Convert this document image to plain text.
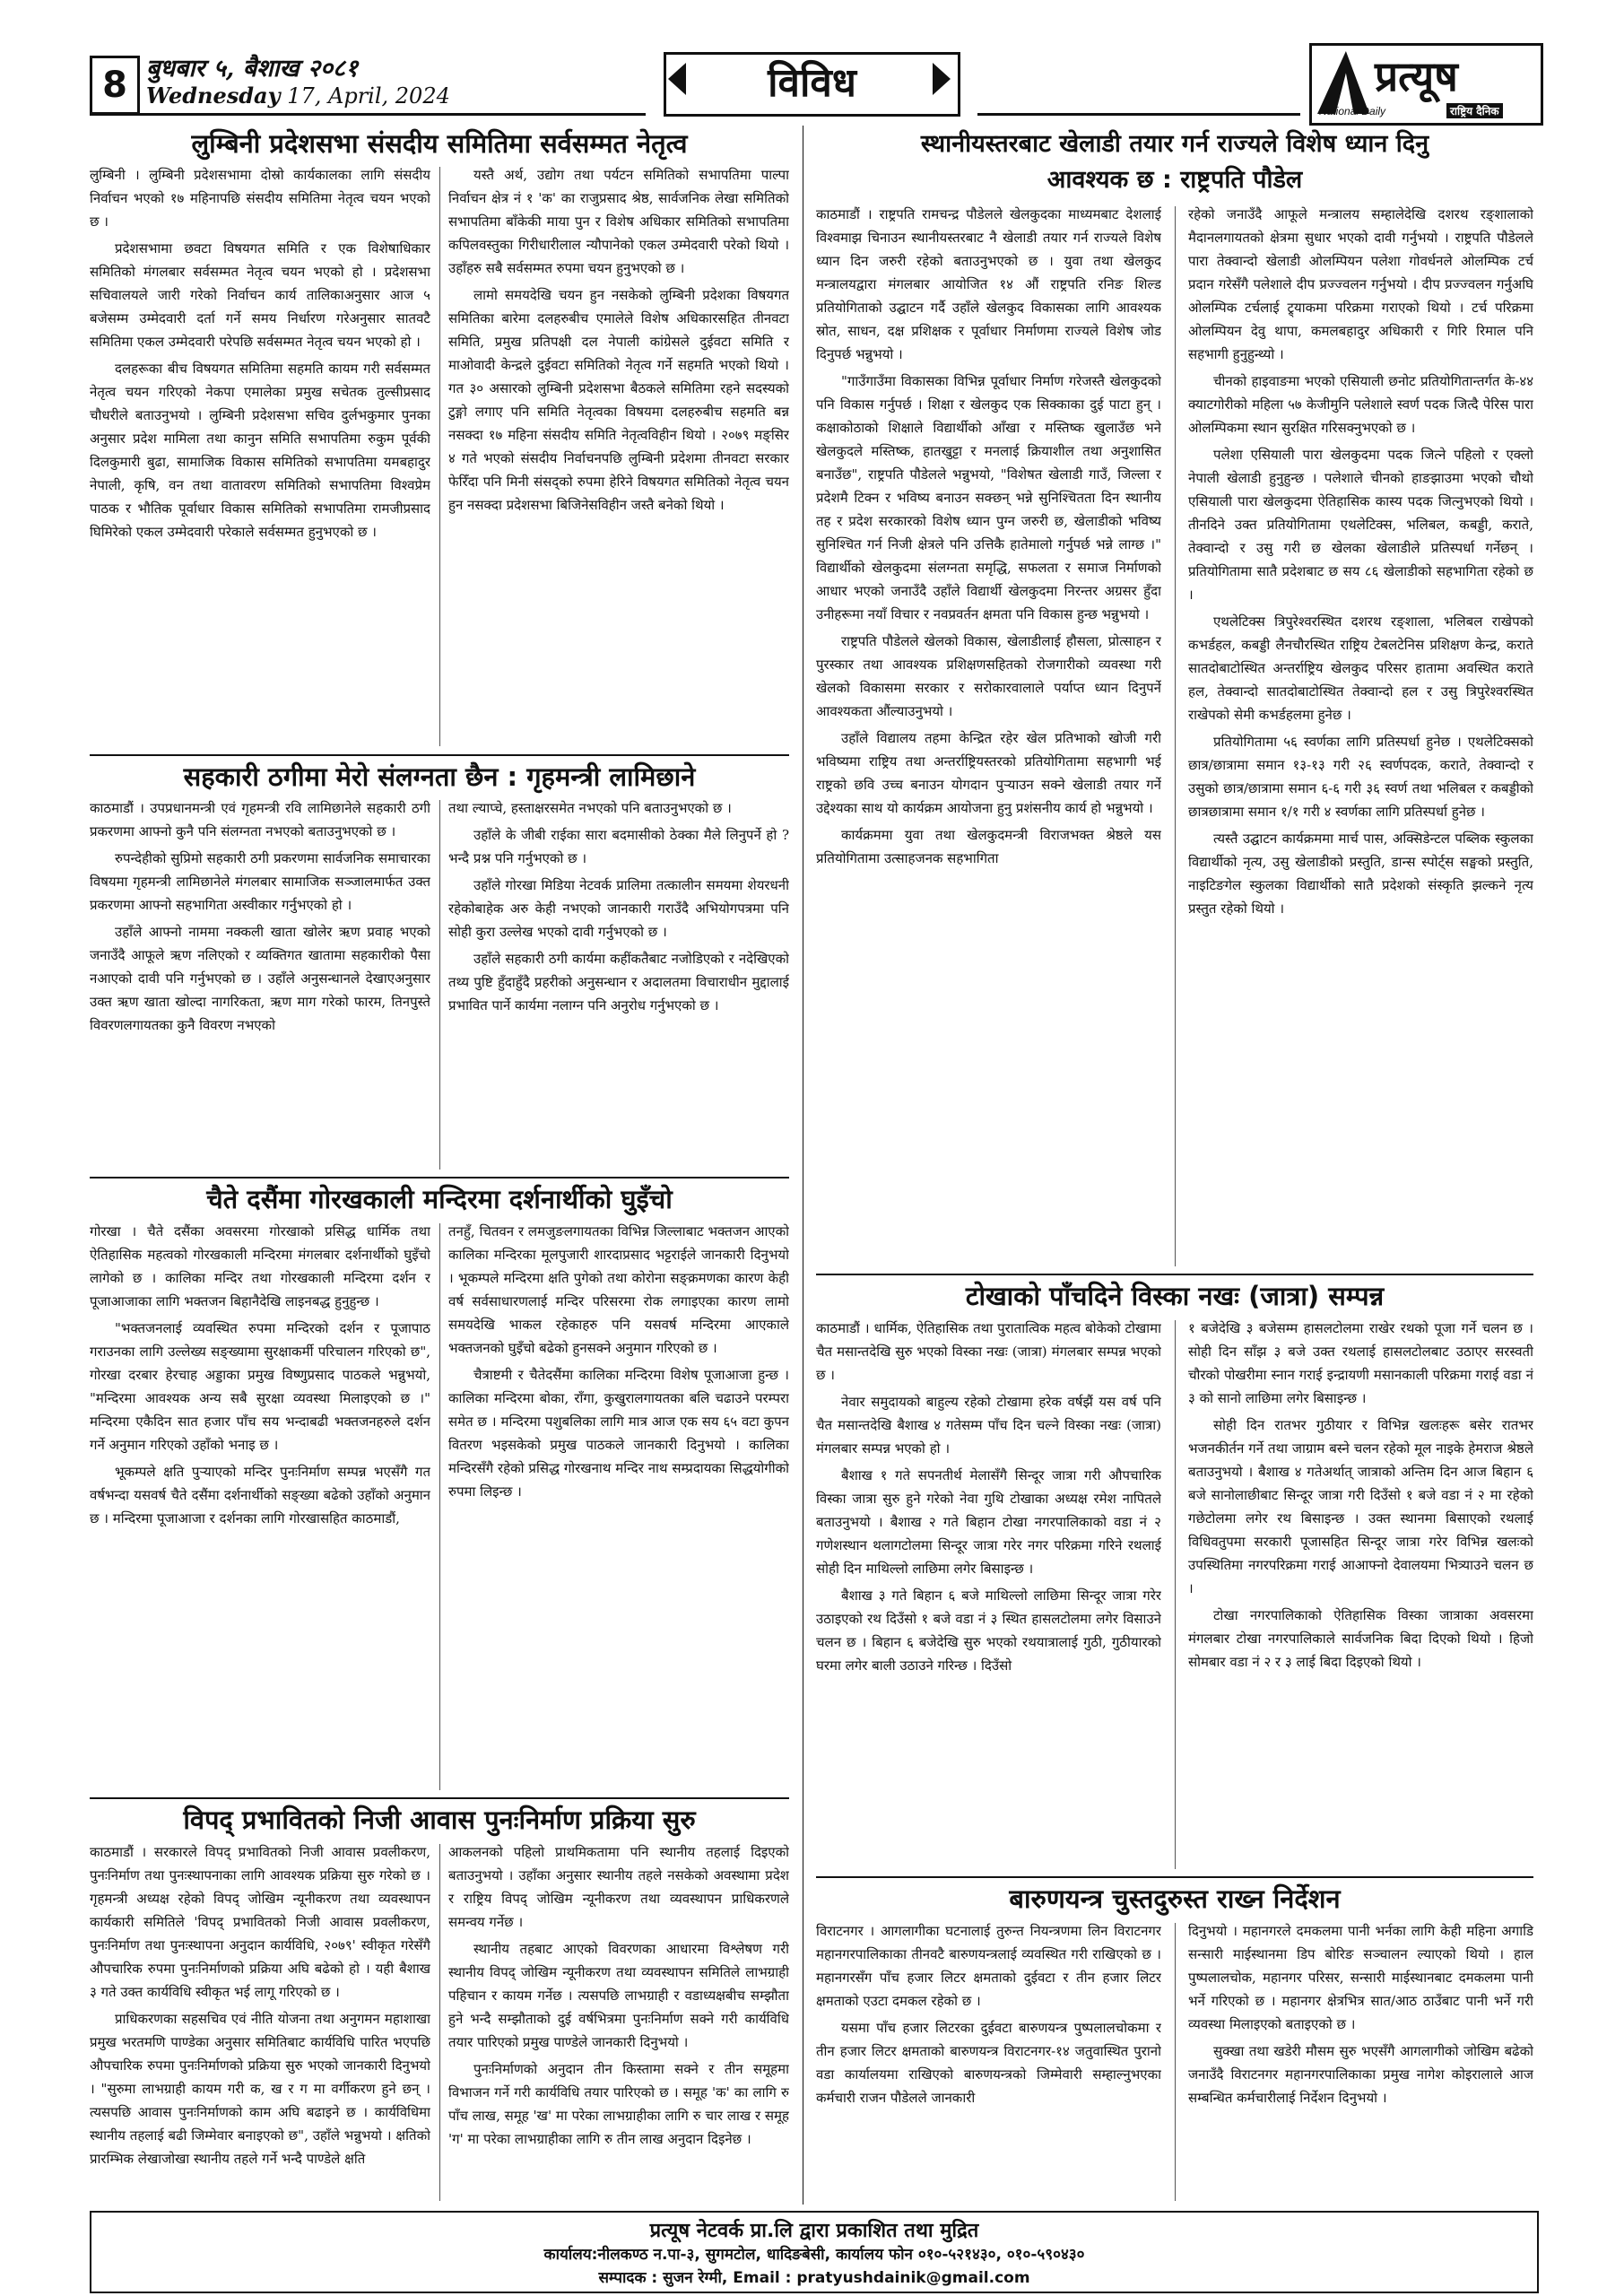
8 बुधबार ५, बैशाख २०८१
Wednesday 17, April, 2024	विविध	प्रत्यूष
National Daily	राष्ट्रिय दैनिक
लुम्बिनी प्रदेशसभा संसदीय समितिमा सर्वसम्मत नेतृत्व

लुम्बिनी । लुम्बिनी प्रदेशसभामा दोस्रो कार्यकालका लागि संसदीय निर्वाचन भएको १७ महिनापछि संसदीय समितिमा नेतृत्व चयन भएको छ ।

प्रदेशसभामा छवटा विषयगत समिति र एक विशेषाधिकार समितिको मंगलबार सर्वसम्मत नेतृत्व चयन भएको हो । प्रदेशसभा सचिवालयले जारी गरेको निर्वाचन कार्य तालिकाअनुसार आज ५ बजेसम्म उम्मेदवारी दर्ता गर्ने समय निर्धारण गरेअनुसार सातवटै समितिमा एकल उम्मेदवारी परेपछि सर्वसम्मत नेतृत्व चयन भएको हो ।

दलहरूका बीच विषयगत समितिमा सहमति कायम गरी सर्वसम्मत नेतृत्व चयन गरिएको नेकपा एमालेका प्रमुख सचेतक तुल्सीप्रसाद चौधरीले बताउनुभयो । लुम्बिनी प्रदेशसभा सचिव दुर्लभकुमार पुनका अनुसार प्रदेश मामिला तथा कानुन समिति सभापतिमा रुकुम पूर्वकी दिलकुमारी बुढा, सामाजिक विकास समितिको सभापतिमा यमबहादुर नेपाली, कृषि, वन तथा वातावरण समितिको सभापतिमा विश्वप्रेम पाठक र भौतिक पूर्वाधार विकास समितिको सभापतिमा रामजीप्रसाद घिमिरेको एकल उम्मेदवारी परेकाले सर्वसम्मत हुनुभएको छ ।

यस्तै अर्थ, उद्योग तथा पर्यटन समितिको सभापतिमा पाल्पा निर्वाचन क्षेत्र नं १ 'क' का राजुप्रसाद श्रेष्ठ, सार्वजनिक लेखा समितिको सभापतिमा बाँकेकी माया पुन र विशेष अधिकार समितिको सभापतिमा कपिलवस्तुका गिरीधारीलाल न्यौपानेको एकल उम्मेदवारी परेको थियो । उहाँहरु सबै सर्वसम्मत रुपमा चयन हुनुभएको छ ।

लामो समयदेखि चयन हुन नसकेको लुम्बिनी प्रदेशका विषयगत समितिका बारेमा दलहरुबीच एमालेले विशेष अधिकारसहित तीनवटा समिति, प्रमुख प्रतिपक्षी दल नेपाली कांग्रेसले दुईवटा समिति र माओवादी केन्द्रले दुईवटा समितिको नेतृत्व गर्ने सहमति भएको थियो । गत ३० असारको लुम्बिनी प्रदेशसभा बैठकले समितिमा रहने सदस्यको टुङ्गो लगाए पनि समिति नेतृत्वका विषयमा दलहरुबीच सहमति बन्न नसक्दा १७ महिना संसदीय समिति नेतृत्वविहीन थियो । २०७९ मङ्सिर ४ गते भएको संसदीय निर्वाचनपछि लुम्बिनी प्रदेशमा तीनवटा सरकार फेरिँदा पनि मिनी संसद्को रुपमा हेरिने विषयगत समितिको नेतृत्व चयन हुन नसक्दा प्रदेशसभा बिजिनेसविहीन जस्तै बनेको थियो ।

सहकारी ठगीमा मेरो संलग्नता छैन : गृहमन्त्री लामिछाने

काठमाडौं । उपप्रधानमन्त्री एवं गृहमन्त्री रवि लामिछानेले सहकारी ठगी प्रकरणमा आफ्नो कुनै पनि संलग्नता नभएको बताउनुभएको छ ।

रुपन्देहीको सुप्रिमो सहकारी ठगी प्रकरणमा सार्वजनिक समाचारका विषयमा गृहमन्त्री लामिछानेले मंगलबार सामाजिक सञ्जालमार्फत उक्त प्रकरणमा आफ्नो सहभागिता अस्वीकार गर्नुभएको हो ।

उहाँले आफ्नो नाममा नक्कली खाता खोलेर ऋण प्रवाह भएको जनाउँदै आफूले ऋण नलिएको र व्यक्तिगत खातामा सहकारीको पैसा नआएको दावी पनि गर्नुभएको छ । उहाँले अनुसन्धानले देखाएअनुसार उक्त ऋण खाता खोल्दा नागरिकता, ऋण माग गरेको फारम, तिनपुस्ते विवरणलगायतका कुनै विवरण नभएको

तथा ल्याप्चे, हस्ताक्षरसमेत नभएको पनि बताउनुभएको छ ।

उहाँले के जीबी राईका सारा बदमासीको ठेक्का मैले लिनुपर्ने हो ? भन्दै प्रश्न पनि गर्नुभएको छ ।

उहाँले गोरखा मिडिया नेटवर्क प्रालिमा तत्कालीन समयमा शेयरधनी रहेकोबाहेक अरु केही नभएको जानकारी गराउँदै अभियोगपत्रमा पनि सोही कुरा उल्लेख भएको दावी गर्नुभएको छ ।

उहाँले सहकारी ठगी कार्यमा कहींकतैबाट नजोडिएको र नदेखिएको तथ्य पुष्टि हुँदाहुँदै प्रहरीको अनुसन्धान र अदालतमा विचाराधीन मुद्दालाई प्रभावित पार्ने कार्यमा नलाग्न पनि अनुरोध गर्नुभएको छ ।

चैते दसैंमा गोरखकाली मन्दिरमा दर्शनार्थीको घुइँचो

गोरखा । चैते दसैंका अवसरमा गोरखाको प्रसिद्ध धार्मिक तथा ऐतिहासिक महत्वको गोरखकाली मन्दिरमा मंगलबार दर्शनार्थीको घुइँचो लागेको छ । कालिका मन्दिर तथा गोरखकाली मन्दिरमा दर्शन र पूजाआजाका लागि भक्तजन बिहानैदेखि लाइनबद्ध हुनुहुन्छ ।

"भक्तजनलाई व्यवस्थित रुपमा मन्दिरको दर्शन र पूजापाठ गराउनका लागि उल्लेख्य सङ्ख्यामा सुरक्षाकर्मी परिचालन गरिएको छ", गोरखा दरबार हेरचाह अड्डाका प्रमुख विष्णुप्रसाद पाठकले भन्नुभयो, "मन्दिरमा आवश्यक अन्य सबै सुरक्षा व्यवस्था मिलाइएको छ ।" मन्दिरमा एकैदिन सात हजार पाँच सय भन्दाबढी भक्तजनहरुले दर्शन गर्ने अनुमान गरिएको उहाँको भनाइ छ ।

भूकम्पले क्षति पुऱ्याएको मन्दिर पुनःनिर्माण सम्पन्न भएसँगै गत वर्षभन्दा यसवर्ष चैते दसैंमा दर्शनार्थीको सङ्ख्या बढेको उहाँको अनुमान छ । मन्दिरमा पूजाआजा र दर्शनका लागि गोरखासहित काठमाडौं,

तनहुँ, चितवन र लमजुङलगायतका विभिन्न जिल्लाबाट भक्तजन आएको कालिका मन्दिरका मूलपुजारी शारदाप्रसाद भट्टराईले जानकारी दिनुभयो । भूकम्पले मन्दिरमा क्षति पुगेको तथा कोरोना सङ्क्रमणका कारण केही वर्ष सर्वसाधारणलाई मन्दिर परिसरमा रोक लगाइएका कारण लामो समयदेखि भाकल रहेकाहरु पनि यसवर्ष मन्दिरमा आएकाले भक्तजनको घुइँचो बढेको हुनसक्ने अनुमान गरिएको छ ।

चैत्राष्टमी र चैतेदसैंमा कालिका मन्दिरमा विशेष पूजाआजा हुन्छ । कालिका मन्दिरमा बोका, राँगा, कुखुरालगायतका बलि चढाउने परम्परा समेत छ । मन्दिरमा पशुबलिका लागि मात्र आज एक सय ६५ वटा कुपन वितरण भइसकेको प्रमुख पाठकले जानकारी दिनुभयो । कालिका मन्दिरसँगै रहेको प्रसिद्ध गोरखनाथ मन्दिर नाथ सम्प्रदायका सिद्धयोगीको रुपमा लिइन्छ ।

विपद् प्रभावितको निजी आवास पुनःनिर्माण प्रक्रिया सुरु

काठमाडौं । सरकारले विपद् प्रभावितको निजी आवास प्रवलीकरण, पुनःनिर्माण तथा पुनःस्थापनाका लागि आवश्यक प्रक्रिया सुरु गरेको छ । गृहमन्त्री अध्यक्ष रहेको विपद् जोखिम न्यूनीकरण तथा व्यवस्थापन कार्यकारी समितिले 'विपद् प्रभावितको निजी आवास प्रवलीकरण, पुनःनिर्माण तथा पुनःस्थापना अनुदान कार्यविधि, २०७९' स्वीकृत गरेसँगै औपचारिक रुपमा पुनःनिर्माणको प्रक्रिया अघि बढेको हो । यही बैशाख ३ गते उक्त कार्यविधि स्वीकृत भई लागू गरिएको छ ।

प्राधिकरणका सहसचिव एवं नीति योजना तथा अनुगमन महाशाखा प्रमुख भरतमणि पाण्डेका अनुसार समितिबाट कार्यविधि पारित भएपछि औपचारिक रुपमा पुनःनिर्माणको प्रक्रिया सुरु भएको जानकारी दिनुभयो । "सुरुमा लाभग्राही कायम गरी क, ख र ग मा वर्गीकरण हुने छन् । त्यसपछि आवास पुनःनिर्माणको काम अघि बढाइने छ । कार्यविधिमा स्थानीय तहलाई बढी जिम्मेवार बनाइएको छ", उहाँले भन्नुभयो । क्षतिको प्रारम्भिक लेखाजोखा स्थानीय तहले गर्ने भन्दै पाण्डेले क्षति

आकलनको पहिलो प्राथमिकतामा पनि स्थानीय तहलाई दिइएको बताउनुभयो । उहाँका अनुसार स्थानीय तहले नसकेको अवस्थामा प्रदेश र राष्ट्रिय विपद् जोखिम न्यूनीकरण तथा व्यवस्थापन प्राधिकरणले समन्वय गर्नेछ ।

स्थानीय तहबाट आएको विवरणका आधारमा विश्लेषण गरी स्थानीय विपद् जोखिम न्यूनीकरण तथा व्यवस्थापन समितिले लाभग्राही पहिचान र कायम गर्नेछ । त्यसपछि लाभग्राही र वडाध्यक्षबीच सम्झौता हुने भन्दै सम्झौताको दुई वर्षभित्रमा पुनःनिर्माण सक्ने गरी कार्यविधि तयार पारिएको प्रमुख पाण्डेले जानकारी दिनुभयो ।

पुनःनिर्माणको अनुदान तीन किस्तामा सक्ने र तीन समूहमा विभाजन गर्ने गरी कार्यविधि तयार पारिएको छ । समूह 'क' का लागि रु पाँच लाख, समूह 'ख' मा परेका लाभग्राहीका लागि रु चार लाख र समूह 'ग' मा परेका लाभग्राहीका लागि रु तीन लाख अनुदान दिइनेछ ।

स्थानीयस्तरबाट खेलाडी तयार गर्न राज्यले विशेष ध्यान दिनु
आवश्यक छ : राष्ट्रपति पौडेल

काठमाडौं । राष्ट्रपति रामचन्द्र पौडेलले खेलकुदका माध्यमबाट देशलाई विश्वमाझ चिनाउन स्थानीयस्तरबाट नै खेलाडी तयार गर्न राज्यले विशेष ध्यान दिन जरुरी रहेको बताउनुभएको छ । युवा तथा खेलकुद मन्त्रालयद्वारा मंगलबार आयोजित १४ औं राष्ट्रपति रनिङ शिल्ड प्रतियोगिताको उद्घाटन गर्दै उहाँले खेलकुद विकासका लागि आवश्यक स्रोत, साधन, दक्ष प्रशिक्षक र पूर्वाधार निर्माणमा राज्यले विशेष जोड दिनुपर्छ भन्नुभयो ।

"गाउँगाउँमा विकासका विभिन्न पूर्वाधार निर्माण गरेजस्तै खेलकुदको पनि विकास गर्नुपर्छ । शिक्षा र खेलकुद एक सिक्काका दुई पाटा हुन् । कक्षाकोठाको शिक्षाले विद्यार्थीको आँखा र मस्तिष्क खुलाउँछ भने खेलकुदले मस्तिष्क, हातखुट्टा र मनलाई क्रियाशील तथा अनुशासित बनाउँछ", राष्ट्रपति पौडेलले भन्नुभयो, "विशेषत खेलाडी गाउँ, जिल्ला र प्रदेशमै टिक्न र भविष्य बनाउन सक्छन् भन्ने सुनिश्चितता दिन स्थानीय तह र प्रदेश सरकारको विशेष ध्यान पुग्न जरुरी छ, खेलाडीको भविष्य सुनिश्चित गर्न निजी क्षेत्रले पनि उत्तिकै हातेमालो गर्नुपर्छ भन्ने लाग्छ ।" विद्यार्थीको खेलकुदमा संलग्नता समृद्धि, सफलता र समाज निर्माणको आधार भएको जनाउँदै उहाँले विद्यार्थी खेलकुदमा निरन्तर अग्रसर हुँदा उनीहरूमा नयाँ विचार र नवप्रवर्तन क्षमता पनि विकास हुन्छ भन्नुभयो ।

राष्ट्रपति पौडेलले खेलको विकास, खेलाडीलाई हौसला, प्रोत्साहन र पुरस्कार तथा आवश्यक प्रशिक्षणसहितको रोजगारीको व्यवस्था गरी खेलको विकासमा सरकार र सरोकारवालाले पर्याप्त ध्यान दिनुपर्ने आवश्यकता औंल्याउनुभयो ।

उहाँले विद्यालय तहमा केन्द्रित रहेर खेल प्रतिभाको खोजी गरी भविष्यमा राष्ट्रिय तथा अन्तर्राष्ट्रियस्तरको प्रतियोगितामा सहभागी भई राष्ट्रको छवि उच्च बनाउन योगदान पुऱ्याउन सक्ने खेलाडी तयार गर्ने उद्देश्यका साथ यो कार्यक्रम आयोजना हुनु प्रशंसनीय कार्य हो भन्नुभयो ।

कार्यक्रममा युवा तथा खेलकुदमन्त्री विराजभक्त श्रेष्ठले यस प्रतियोगितामा उत्साहजनक सहभागिता

रहेको जनाउँदै आफूले मन्त्रालय सम्हालेदेखि दशरथ रङ्शालाको मैदानलगायतको क्षेत्रमा सुधार भएको दावी गर्नुभयो । राष्ट्रपति पौडेलले पारा तेक्वान्दो खेलाडी ओलम्पियन पलेशा गोवर्धनले ओलम्पिक टर्च प्रदान गरेसँगै पलेशाले दीप प्रज्ज्वलन गर्नुभयो । दीप प्रज्ज्वलन गर्नुअघि ओलम्पिक टर्चलाई ट्र्याकमा परिक्रमा गराएको थियो । टर्च परिक्रमा ओलम्पियन देवु थापा, कमलबहादुर अधिकारी र गिरि रिमाल पनि सहभागी हुनुहुन्थ्यो ।

चीनको हाइवाङमा भएको एसियाली छनोट प्रतियोगितान्तर्गत के-४४ क्याटगोरीको महिला ५७ केजीमुनि पलेशाले स्वर्ण पदक जित्दै पेरिस पारा ओलम्पिकमा स्थान सुरक्षित गरिसक्नुभएको छ ।

पलेशा एसियाली पारा खेलकुदमा पदक जित्ने पहिलो र एक्लो नेपाली खेलाडी हुनुहुन्छ । पलेशाले चीनको हाङझाउमा भएको चौथो एसियाली पारा खेलकुदमा ऐतिहासिक कास्य पदक जित्नुभएको थियो । तीनदिने उक्त प्रतियोगितामा एथलेटिक्स, भलिबल, कबड्डी, कराते, तेक्वान्दो र उसु गरी छ खेलका खेलाडीले प्रतिस्पर्धा गर्नेछन् । प्रतियोगितामा सातै प्रदेशबाट छ सय ८६ खेलाडीको सहभागिता रहेको छ ।

एथलेटिक्स त्रिपुरेश्वरस्थित दशरथ रङ्शाला, भलिबल राखेपको कभर्डहल, कबड्डी लैनचौरस्थित राष्ट्रिय टेबलटेनिस प्रशिक्षण केन्द्र, कराते सातदोबाटोस्थित अन्तर्राष्ट्रिय खेलकुद परिसर हातामा अवस्थित कराते हल, तेक्वान्दो सातदोबाटोस्थित तेक्वान्दो हल र उसु त्रिपुरेश्वरस्थित राखेपको सेमी कभर्डहलमा हुनेछ ।

प्रतियोगितामा ५६ स्वर्णका लागि प्रतिस्पर्धा हुनेछ । एथलेटिक्सको छात्र/छात्रामा समान १३-१३ गरी २६ स्वर्णपदक, कराते, तेक्वान्दो र उसुको छात्र/छात्रामा समान ६-६ गरी ३६ स्वर्ण तथा भलिबल र कबड्डीको छात्रछात्रामा समान १/१ गरी ४ स्वर्णका लागि प्रतिस्पर्धा हुनेछ ।

त्यस्तै उद्घाटन कार्यक्रममा मार्च पास, अक्सिडेन्टल पब्लिक स्कुलका विद्यार्थीको नृत्य, उसु खेलाडीको प्रस्तुति, डान्स स्पोर्ट्स सङ्घको प्रस्तुति, नाइटिङगेल स्कुलका विद्यार्थीको सातै प्रदेशको संस्कृति झल्कने नृत्य प्रस्तुत रहेको थियो ।

टोखाको पाँचदिने विस्का नखः (जात्रा) सम्पन्न

काठमाडौं । धार्मिक, ऐतिहासिक तथा पुरातात्विक महत्व बोकेको टोखामा चैत मसान्तदेखि सुरु भएको विस्का नखः (जात्रा) मंगलबार सम्पन्न भएको छ ।

नेवार समुदायको बाहुल्य रहेको टोखामा हरेक वर्षझैं यस वर्ष पनि चैत मसान्तदेखि बैशाख ४ गतेसम्म पाँच दिन चल्ने विस्का नखः (जात्रा) मंगलबार सम्पन्न भएको हो ।

बैशाख १ गते सपनतीर्थ मेलासँगै सिन्दूर जात्रा गरी औपचारिक विस्का जात्रा सुरु हुने गरेको नेवा गुथि टोखाका अध्यक्ष रमेश नापितले बताउनुभयो । बैशाख २ गते बिहान टोखा नगरपालिकाको वडा नं २ गणेशस्थान थलागटोलमा सिन्दूर जात्रा गरेर नगर परिक्रमा गरिने रथलाई सोही दिन माथिल्लो लाछिमा लगेर बिसाइन्छ ।

बैशाख ३ गते बिहान ६ बजे माथिल्लो लाछिमा सिन्दूर जात्रा गरेर उठाइएको रथ दिउँसो १ बजे वडा नं ३ स्थित हासलटोलमा लगेर विसाउने चलन छ । बिहान ६ बजेदेखि सुरु भएको रथयात्रालाई गुठी, गुठीयारको घरमा लगेर बाली उठाउने गरिन्छ । दिउँसो

१ बजेदेखि ३ बजेसम्म हासलटोलमा राखेर रथको पूजा गर्ने चलन छ । सोही दिन साँझ ३ बजे उक्त रथलाई हासलटोलबाट उठाएर सरस्वती चौरको पोखरीमा स्नान गराई इन्द्रायणी मसानकाली परिक्रमा गराई वडा नं ३ को सानो लाछिमा लगेर बिसाइन्छ ।

सोही दिन रातभर गुठीयार र विभिन्न खलःहरू बसेर रातभर भजनकीर्तन गर्ने तथा जाग्राम बस्ने चलन रहेको मूल नाइके हेमराज श्रेष्ठले बताउनुभयो । बैशाख ४ गतेअर्थात् जात्राको अन्तिम दिन आज बिहान ६ बजे सानोलाछीबाट सिन्दूर जात्रा गरी दिउँसो १ बजे वडा नं २ मा रहेको गछेटोलमा लगेर रथ बिसाइन्छ । उक्त स्थानमा बिसाएको रथलाई विधिवतुपमा सरकारी पूजासहित सिन्दूर जात्रा गरेर विभिन्न खलःको उपस्थितिमा नगरपरिक्रमा गराई आआफ्नो देवालयमा भित्र्याउने चलन छ ।

टोखा नगरपालिकाको ऐतिहासिक विस्का जात्राका अवसरमा मंगलबार टोखा नगरपालिकाले सार्वजनिक बिदा दिएको थियो । हिजो सोमबार वडा नं २ र ३ लाई बिदा दिइएको थियो ।

बारुणयन्त्र चुस्तदुरुस्त राख्न निर्देशन

विराटनगर । आगलागीका घटनालाई तुरुन्त नियन्त्रणमा लिन विराटनगर महानगरपालिकाका तीनवटै बारुणयन्त्रलाई व्यवस्थित गरी राखिएको छ । महानगरसँग पाँच हजार लिटर क्षमताको दुईवटा र तीन हजार लिटर क्षमताको एउटा दमकल रहेको छ ।

यसमा पाँच हजार लिटरका दुईवटा बारुणयन्त्र पुष्पलालचोकमा र तीन हजार लिटर क्षमताको बारुणयन्त्र विराटनगर-१४ जतुवास्थित पुरानो वडा कार्यालयमा राखिएको बारुणयन्त्रको जिम्मेवारी सम्हाल्नुभएका कर्मचारी राजन पौडेलले जानकारी

दिनुभयो । महानगरले दमकलमा पानी भर्नका लागि केही महिना अगाडि सन्सारी माईस्थानमा डिप बोरिङ सञ्चालन ल्याएको थियो । हाल पुष्पलालचोक, महानगर परिसर, सन्सारी माईस्थानबाट दमकलमा पानी भर्ने गरिएको छ । महानगर क्षेत्रभित्र सात/आठ ठाउँबाट पानी भर्ने गरी व्यवस्था मिलाइएको बताइएको छ ।

सुक्खा तथा खडेरी मौसम सुरु भएसँगै आगलागीको जोखिम बढेको जनाउँदै विराटनगर महानगरपालिकाका प्रमुख नागेश कोइरालाले आज सम्बन्धित कर्मचारीलाई निर्देशन दिनुभयो ।

प्रत्यूष नेटवर्क प्रा.लि द्वारा प्रकाशित तथा मुद्रित
कार्यालय:नीलकण्ठ न.पा-३, सुगमटोल, धादिङबेसी, कार्यालय फोन ०१०-५२१४३०, ०१०-५९०४३०
सम्पादक : सुजन रेग्मी, Email : pratyushdainik@gmail.com
